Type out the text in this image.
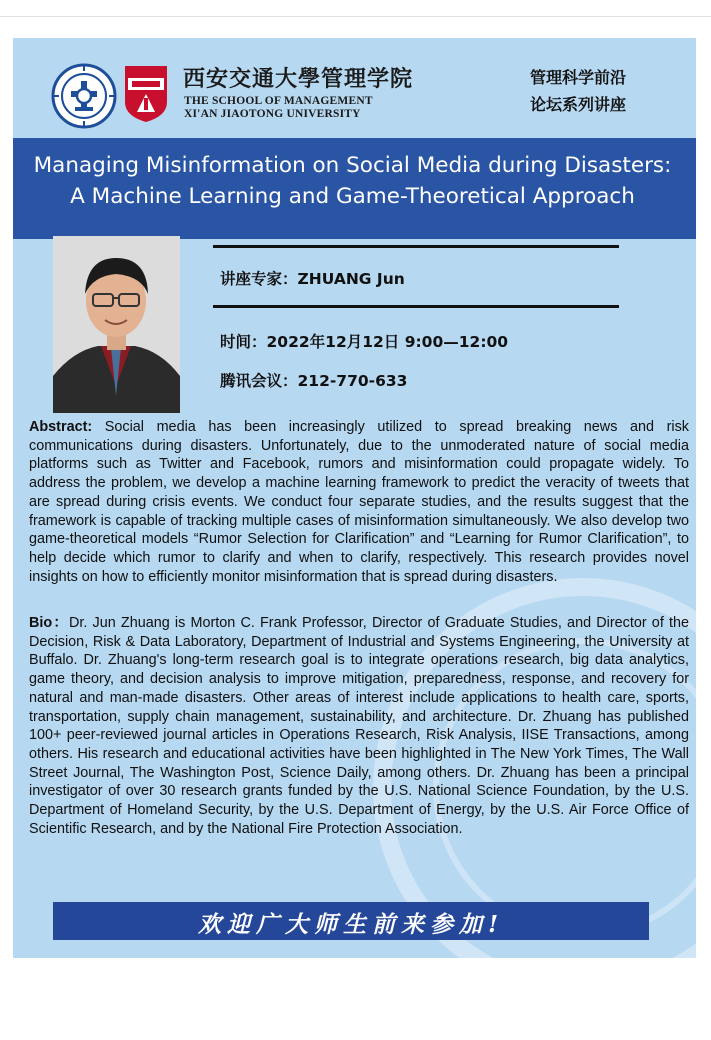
西安交通大學管理学院
THE SCHOOL OF MANAGEMENT
XI'AN JIAOTONG UNIVERSITY
管理科学前沿
论坛系列讲座
Managing Misinformation on Social Media during Disasters:
A Machine Learning and Game-Theoretical Approach
讲座专家：ZHUANG Jun
时间：2022年12月12日 9:00—12:00
腾讯会议：212-770-633
Abstract: Social media has been increasingly utilized to spread breaking news and risk communications during disasters. Unfortunately, due to the unmoderated nature of social media platforms such as Twitter and Facebook, rumors and misinformation could propagate widely. To address the problem, we develop a machine learning framework to predict the veracity of tweets that are spread during crisis events. We conduct four separate studies, and the results suggest that the framework is capable of tracking multiple cases of misinformation simultaneously. We also develop two game-theoretical models “Rumor Selection for Clarification” and “Learning for Rumor Clarification”, to help decide which rumor to clarify and when to clarify, respectively. This research provides novel insights on how to efficiently monitor misinformation that is spread during disasters.
Bio：Dr. Jun Zhuang is Morton C. Frank Professor, Director of Graduate Studies, and Director of the Decision, Risk & Data Laboratory, Department of Industrial and Systems Engineering, the University at Buffalo. Dr. Zhuang's long-term research goal is to integrate operations research, big data analytics, game theory, and decision analysis to improve mitigation, preparedness, response, and recovery for natural and man-made disasters. Other areas of interest include applications to health care, sports, transportation, supply chain management, sustainability, and architecture. Dr. Zhuang has published 100+ peer-reviewed journal articles in Operations Research, Risk Analysis, IISE Transactions, among others. His research and educational activities have been highlighted in The New York Times, The Wall Street Journal, The Washington Post, Science Daily, among others. Dr. Zhuang has been a principal investigator of over 30 research grants funded by the U.S. National Science Foundation, by the U.S. Department of Homeland Security, by the U.S. Department of Energy, by the U.S. Air Force Office of Scientific Research, and by the National Fire Protection Association.
欢迎广大师生前来参加!
